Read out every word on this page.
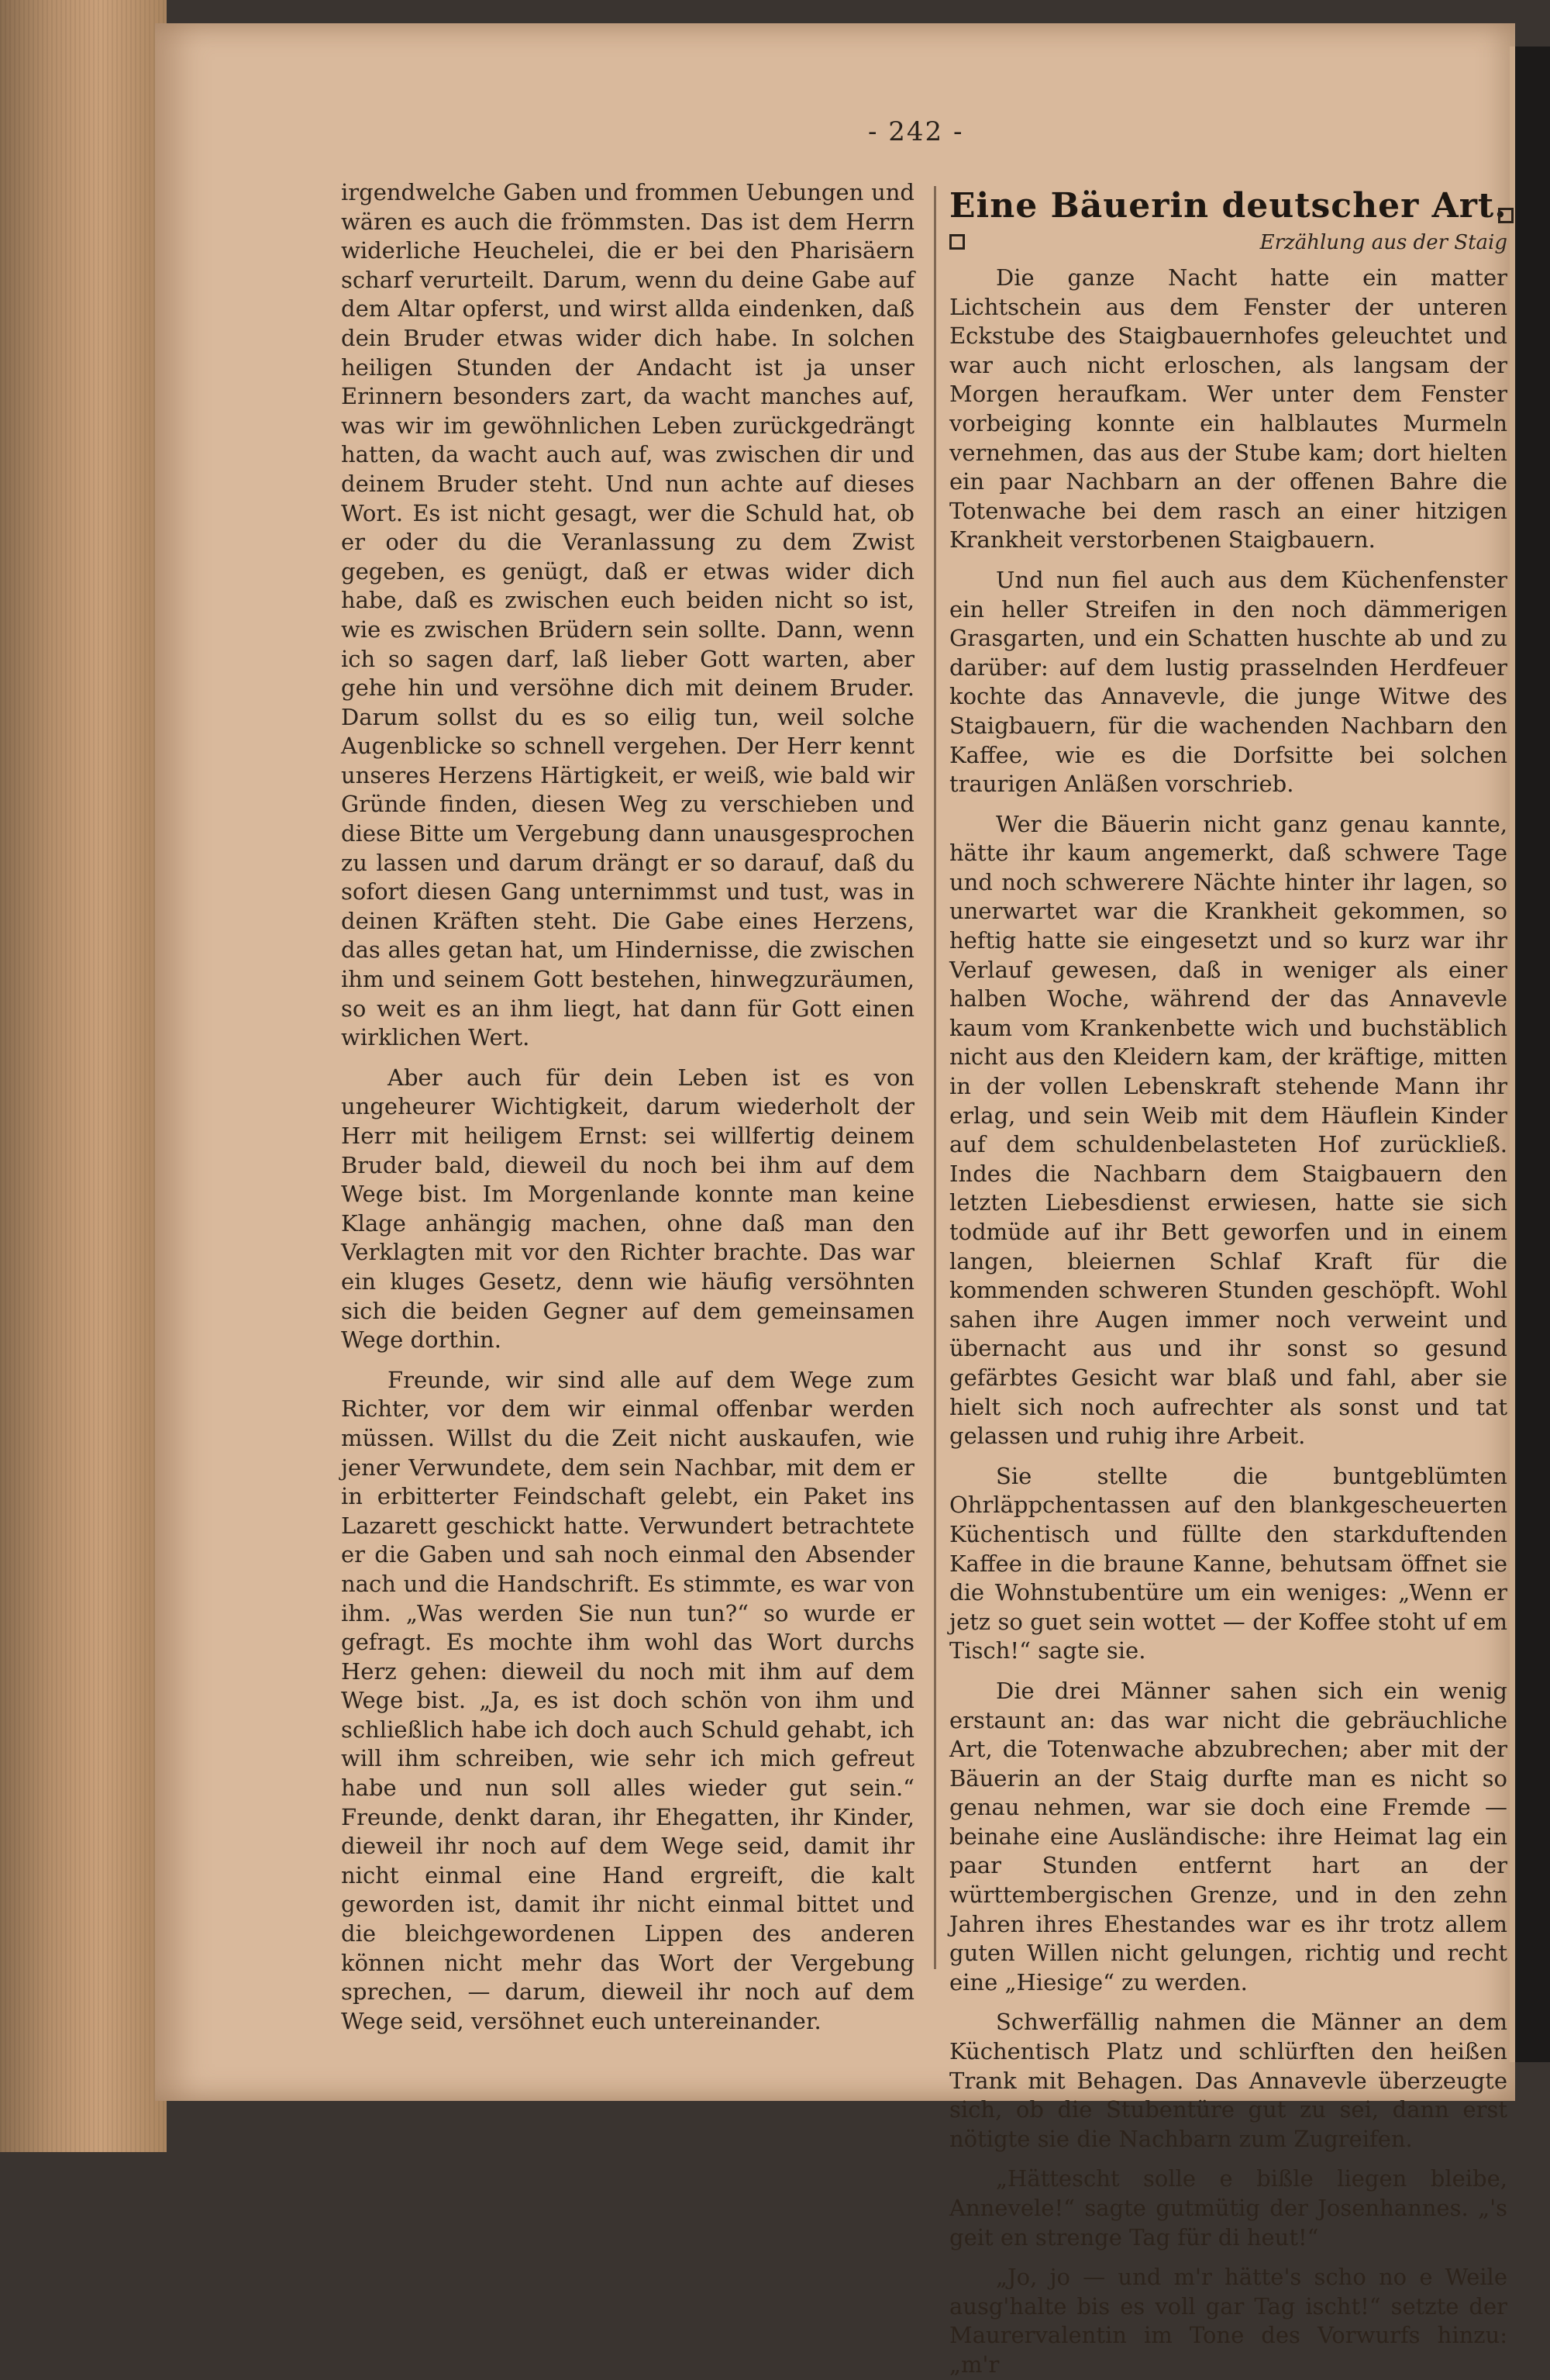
- 242 -

irgendwelche Gaben und frommen Uebungen und wären es auch die frömmsten. Das ist dem Herrn widerliche Heuchelei, die er bei den Pharisäern scharf verurteilt. Darum, wenn du deine Gabe auf dem Altar opferst, und wirst allda eindenken, daß dein Bruder etwas wider dich habe. In solchen heiligen Stunden der Andacht ist ja unser Erinnern besonders zart, da wacht manches auf, was wir im gewöhnlichen Leben zurückgedrängt hatten, da wacht auch auf, was zwischen dir und deinem Bruder steht. Und nun achte auf dieses Wort. Es ist nicht gesagt, wer die Schuld hat, ob er oder du die Veranlassung zu dem Zwist gegeben, es genügt, daß er etwas wider dich habe, daß es zwischen euch beiden nicht so ist, wie es zwischen Brüdern sein sollte. Dann, wenn ich so sagen darf, laß lieber Gott warten, aber gehe hin und versöhne dich mit deinem Bruder. Darum sollst du es so eilig tun, weil solche Augenblicke so schnell vergehen. Der Herr kennt unseres Herzens Härtigkeit, er weiß, wie bald wir Gründe finden, diesen Weg zu verschieben und diese Bitte um Vergebung dann unausgesprochen zu lassen und darum drängt er so darauf, daß du sofort diesen Gang unternimmst und tust, was in deinen Kräften steht. Die Gabe eines Herzens, das alles getan hat, um Hindernisse, die zwischen ihm und seinem Gott bestehen, hinwegzuräumen, so weit es an ihm liegt, hat dann für Gott einen wirklichen Wert.

Aber auch für dein Leben ist es von ungeheurer Wichtigkeit, darum wiederholt der Herr mit heiligem Ernst: sei willfertig deinem Bruder bald, dieweil du noch bei ihm auf dem Wege bist. Im Morgenlande konnte man keine Klage anhängig machen, ohne daß man den Verklagten mit vor den Richter brachte. Das war ein kluges Gesetz, denn wie häufig versöhnten sich die beiden Gegner auf dem gemeinsamen Wege dorthin.

Freunde, wir sind alle auf dem Wege zum Richter, vor dem wir einmal offenbar werden müssen. Willst du die Zeit nicht auskaufen, wie jener Verwundete, dem sein Nachbar, mit dem er in erbitterter Feindschaft gelebt, ein Paket ins Lazarett geschickt hatte. Verwundert betrachtete er die Gaben und sah noch einmal den Absender nach und die Handschrift. Es stimmte, es war von ihm. „Was werden Sie nun tun?“ so wurde er gefragt. Es mochte ihm wohl das Wort durchs Herz gehen: dieweil du noch mit ihm auf dem Wege bist. „Ja, es ist doch schön von ihm und schließlich habe ich doch auch Schuld gehabt, ich will ihm schreiben, wie sehr ich mich gefreut habe und nun soll alles wieder gut sein.“ Freunde, denkt daran, ihr Ehegatten, ihr Kinder, dieweil ihr noch auf dem Wege seid, damit ihr nicht einmal eine Hand ergreift, die kalt geworden ist, damit ihr nicht einmal bittet und die bleichgewordenen Lippen des anderen können nicht mehr das Wort der Vergebung sprechen, — darum, dieweil ihr noch auf dem Wege seid, versöhnet euch untereinander.

Eine Bäuerin deutscher Art.
Erzählung aus der Staig

Die ganze Nacht hatte ein matter Lichtschein aus dem Fenster der unteren Eckstube des Staigbauernhofes geleuchtet und war auch nicht erloschen, als langsam der Morgen heraufkam. Wer unter dem Fenster vorbeiging konnte ein halblautes Murmeln vernehmen, das aus der Stube kam; dort hielten ein paar Nachbarn an der offenen Bahre die Totenwache bei dem rasch an einer hitzigen Krankheit verstorbenen Staigbauern.

Und nun fiel auch aus dem Küchenfenster ein heller Streifen in den noch dämmerigen Grasgarten, und ein Schatten huschte ab und zu darüber: auf dem lustig prasselnden Herdfeuer kochte das Annavevle, die junge Witwe des Staigbauern, für die wachenden Nachbarn den Kaffee, wie es die Dorfsitte bei solchen traurigen Anläßen vorschrieb.

Wer die Bäuerin nicht ganz genau kannte, hätte ihr kaum angemerkt, daß schwere Tage und noch schwerere Nächte hinter ihr lagen, so unerwartet war die Krankheit gekommen, so heftig hatte sie eingesetzt und so kurz war ihr Verlauf gewesen, daß in weniger als einer halben Woche, während der das Annavevle kaum vom Krankenbette wich und buchstäblich nicht aus den Kleidern kam, der kräftige, mitten in der vollen Lebenskraft stehende Mann ihr erlag, und sein Weib mit dem Häuflein Kinder auf dem schuldenbelasteten Hof zurückließ. Indes die Nachbarn dem Staigbauern den letzten Liebesdienst erwiesen, hatte sie sich todmüde auf ihr Bett geworfen und in einem langen, bleiernen Schlaf Kraft für die kommenden schweren Stunden geschöpft. Wohl sahen ihre Augen immer noch verweint und übernacht aus und ihr sonst so gesund gefärbtes Gesicht war blaß und fahl, aber sie hielt sich noch aufrechter als sonst und tat gelassen und ruhig ihre Arbeit.

Sie stellte die buntgeblümten Ohrläppchentassen auf den blankgescheuerten Küchentisch und füllte den starkduftenden Kaffee in die braune Kanne, behutsam öffnet sie die Wohnstubentüre um ein weniges: „Wenn er jetz so guet sein wottet — der Koffee stoht uf em Tisch!“ sagte sie.

Die drei Männer sahen sich ein wenig erstaunt an: das war nicht die gebräuchliche Art, die Totenwache abzubrechen; aber mit der Bäuerin an der Staig durfte man es nicht so genau nehmen, war sie doch eine Fremde — beinahe eine Ausländische: ihre Heimat lag ein paar Stunden entfernt hart an der württembergischen Grenze, und in den zehn Jahren ihres Ehestandes war es ihr trotz allem guten Willen nicht gelungen, richtig und recht eine „Hiesige“ zu werden.

Schwerfällig nahmen die Männer an dem Küchentisch Platz und schlürften den heißen Trank mit Behagen. Das Annavevle überzeugte sich, ob die Stubentüre gut zu sei, dann erst nötigte sie die Nachbarn zum Zugreifen.

„Hättescht solle e bißle liegen bleibe, Annevele!“ sagte gutmütig der Josenhannes. „'s geit en strenge Tag für di heut!“

„Jo, jo — und m'r hätte's scho no e Weile ausg'halte bis es voll gar Tag ischt!“ setzte der Maurervalentin im Tone des Vorwurfs hinzu: „m'r
